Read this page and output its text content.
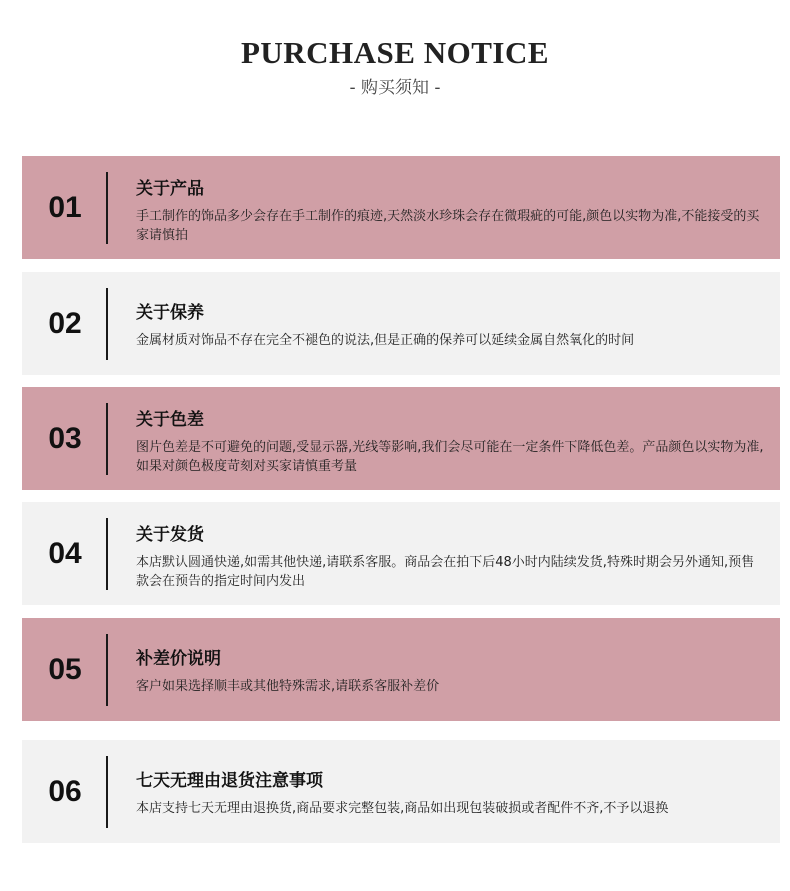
PURCHASE NOTICE
- 购买须知 -
01
关于产品
手工制作的饰品多少会存在手工制作的痕迹,天然淡水珍珠会存在微瑕疵的可能,颜色以实物为准,不能接受的买家请慎拍
02	关于保养
金属材质对饰品不存在完全不褪色的说法,但是正确的保养可以延续金属自然氧化的时间
03
关于色差
图片色差是不可避免的问题,受显示器,光线等影响,我们会尽可能在一定条件下降低色差。产品颜色以实物为准,如果对颜色极度苛刻对买家请慎重考量
04
关于发货
本店默认圆通快递,如需其他快递,请联系客服。商品会在拍下后48小时内陆续发货,特殊时期会另外通知,预售款会在预告的指定时间内发出
05	补差价说明
客户如果选择顺丰或其他特殊需求,请联系客服补差价
06	七天无理由退货注意事项
本店支持七天无理由退换货,商品要求完整包装,商品如出现包装破损或者配件不齐,不予以退换
